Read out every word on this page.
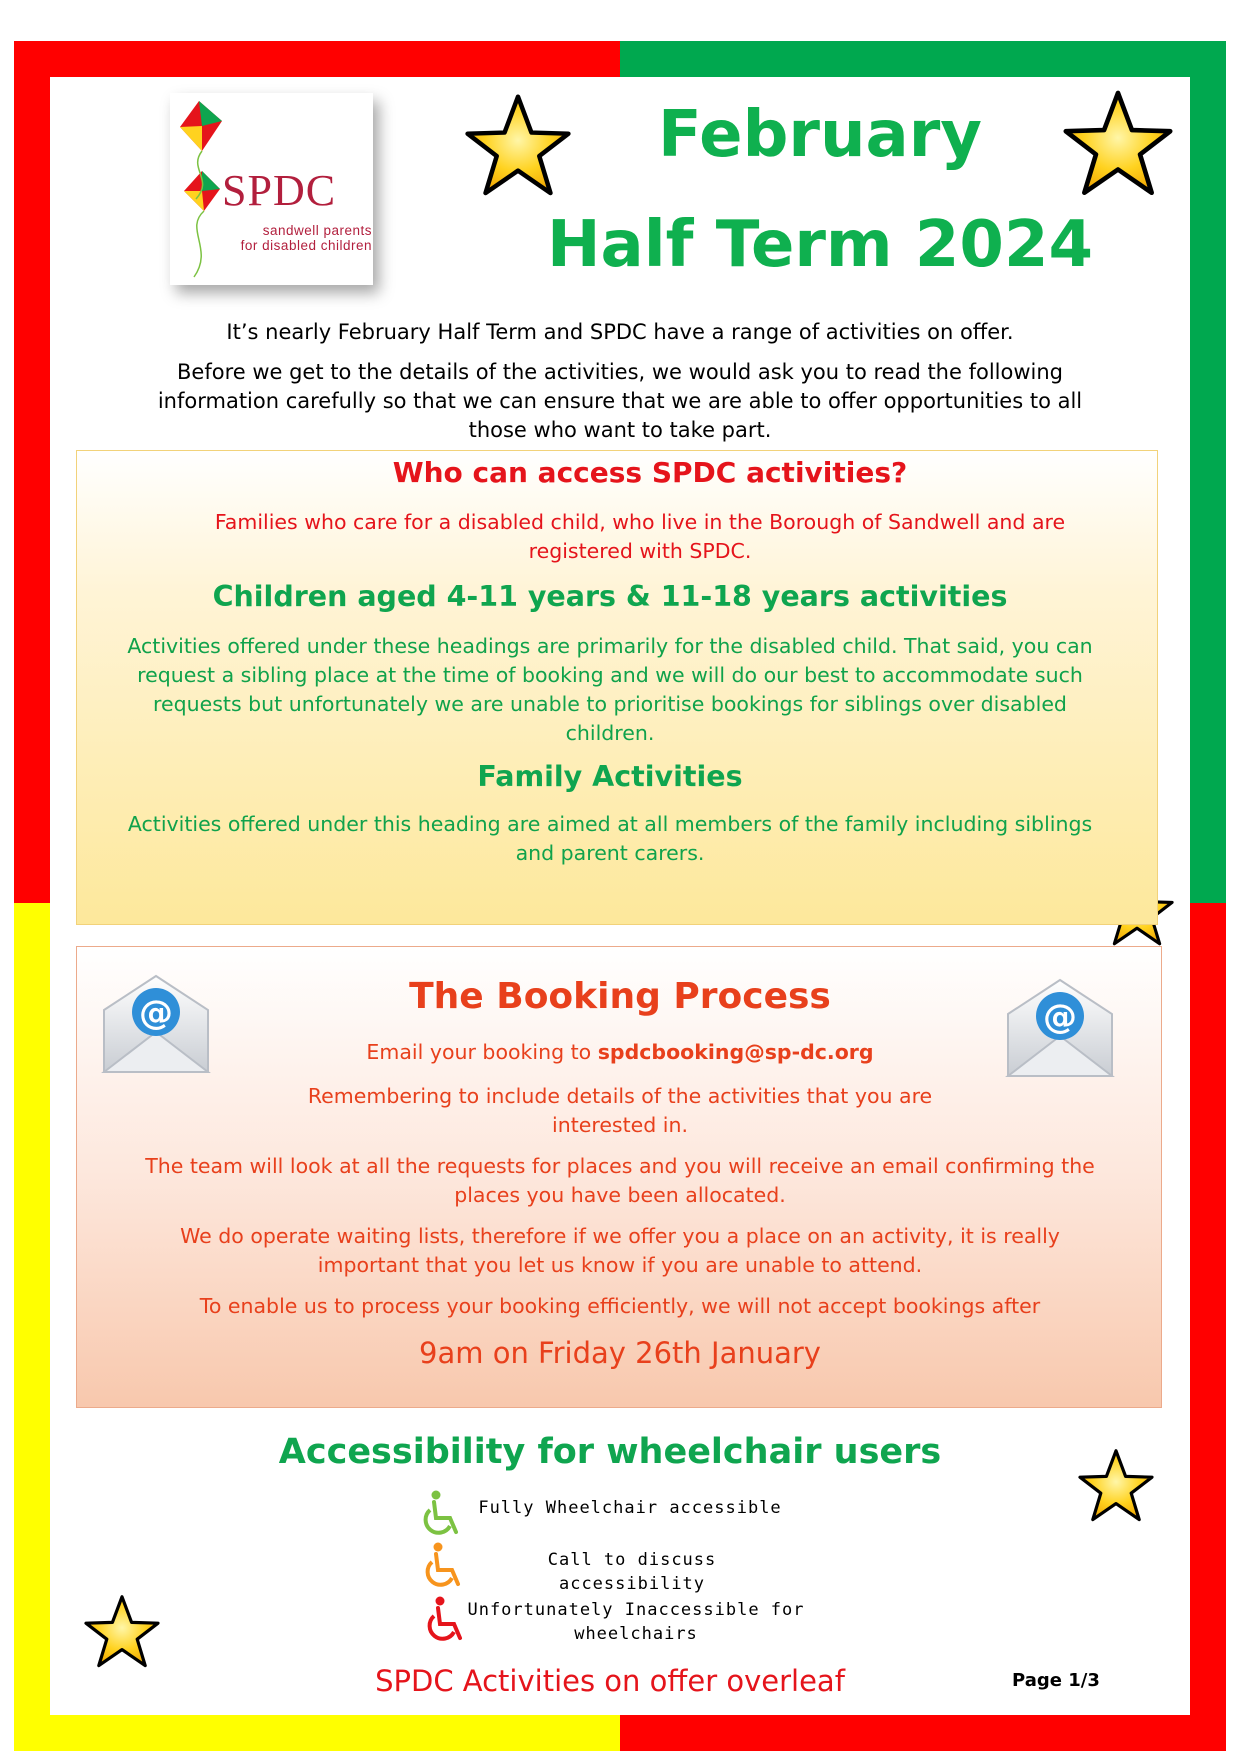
SPDC
sandwell parents
for disabled children
February
Half Term 2024
It’s nearly February Half Term and SPDC have a range of activities on offer.
Before we get to the details of the activities, we would ask you to read the following
information carefully so that we can ensure that we are able to offer opportunities to all
those who want to take part.
Who can access SPDC activities?
Families who care for a disabled child, who live in the Borough of Sandwell and are
registered with SPDC.
Children aged 4-11 years & 11-18 years activities
Activities offered under these headings are primarily for the disabled child. That said, you can
request a sibling place at the time of booking and we will do our best to accommodate such
requests but unfortunately we are unable to prioritise bookings for siblings over disabled
children.
Family Activities
Activities offered under this heading are aimed at all members of the family including siblings
and parent carers.
@	@
The Booking Process
Email your booking to spdcbooking@sp-dc.org
Remembering to include details of the activities that you are
interested in.
The team will look at all the requests for places and you will receive an email confirming the
places you have been allocated.
We do operate waiting lists, therefore if we offer you a place on an activity, it is really
important that you let us know if you are unable to attend.
To enable us to process your booking efficiently, we will not accept bookings after
9am on Friday 26th January
Accessibility for wheelchair users
Fully Wheelchair accessible
Call to discuss accessibility
Unfortunately Inaccessible for
wheelchairs
SPDC Activities on offer overleaf	Page 1/3
